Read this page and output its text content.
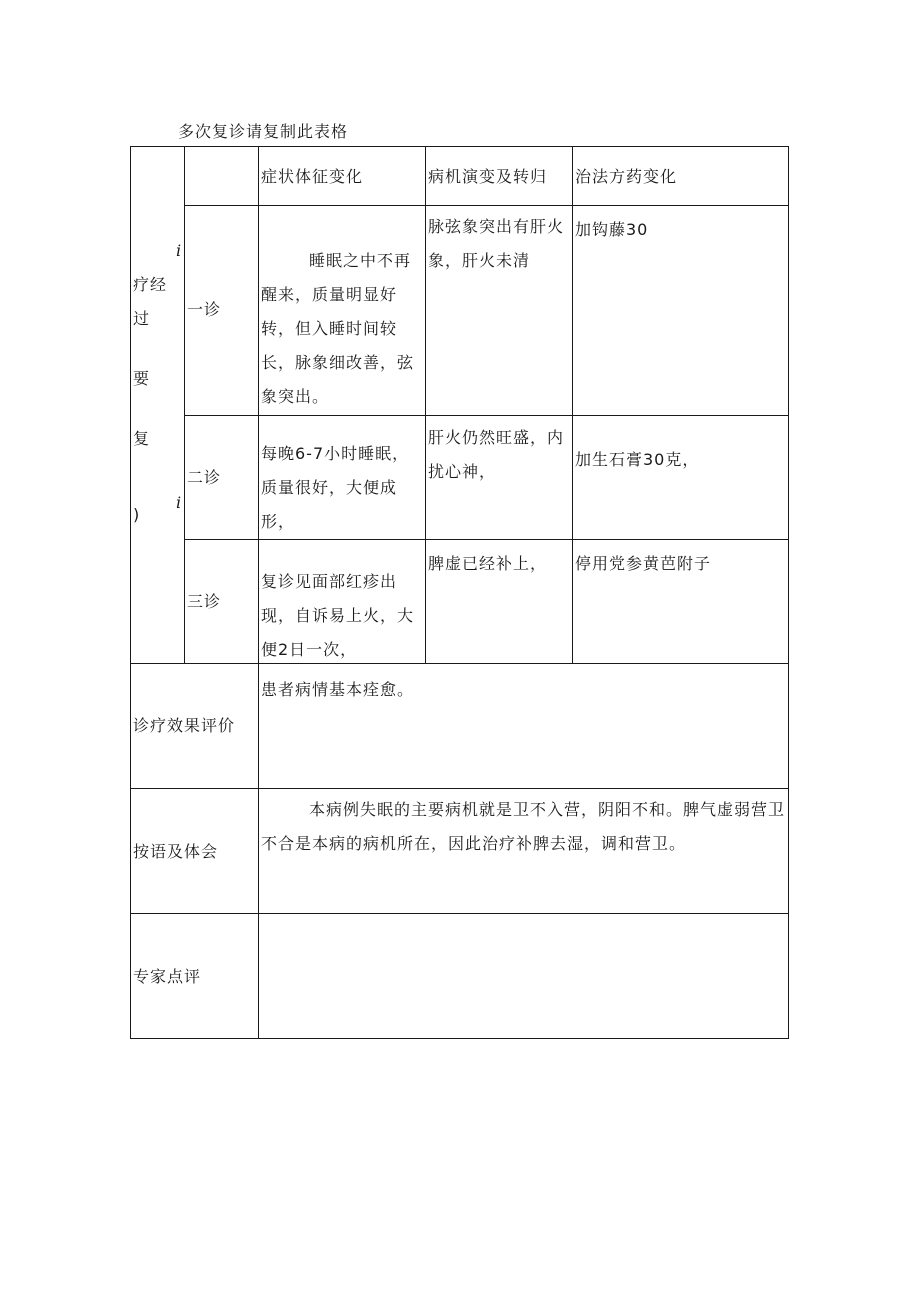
多次复诊请复制此表格
疗经
过
要
复
)
i
i
症状体征变化	病机演变及转归 治法方药变化
一诊
睡眠之中不再醒来，质量明显好转，但入睡时间较长，脉象细改善，弦象突出。
脉弦象突出有肝火象，肝火未清
加钩藤30
二诊
每晚6-7小时睡眠，质量很好，大便成形，
肝火仍然旺盛，内扰心神，
加生石膏30克，
三诊
复诊见面部红疹出现，自诉易上火，大便2日一次，
脾虚已经补上， 停用党参黄芭附子
诊疗效果评价
患者病情基本痊愈。
按语及体会
本病例失眠的主要病机就是卫不入营，阴阳不和。脾气虚弱营卫不合是本病的病机所在，因此治疗补脾去湿，调和营卫。
专家点评
